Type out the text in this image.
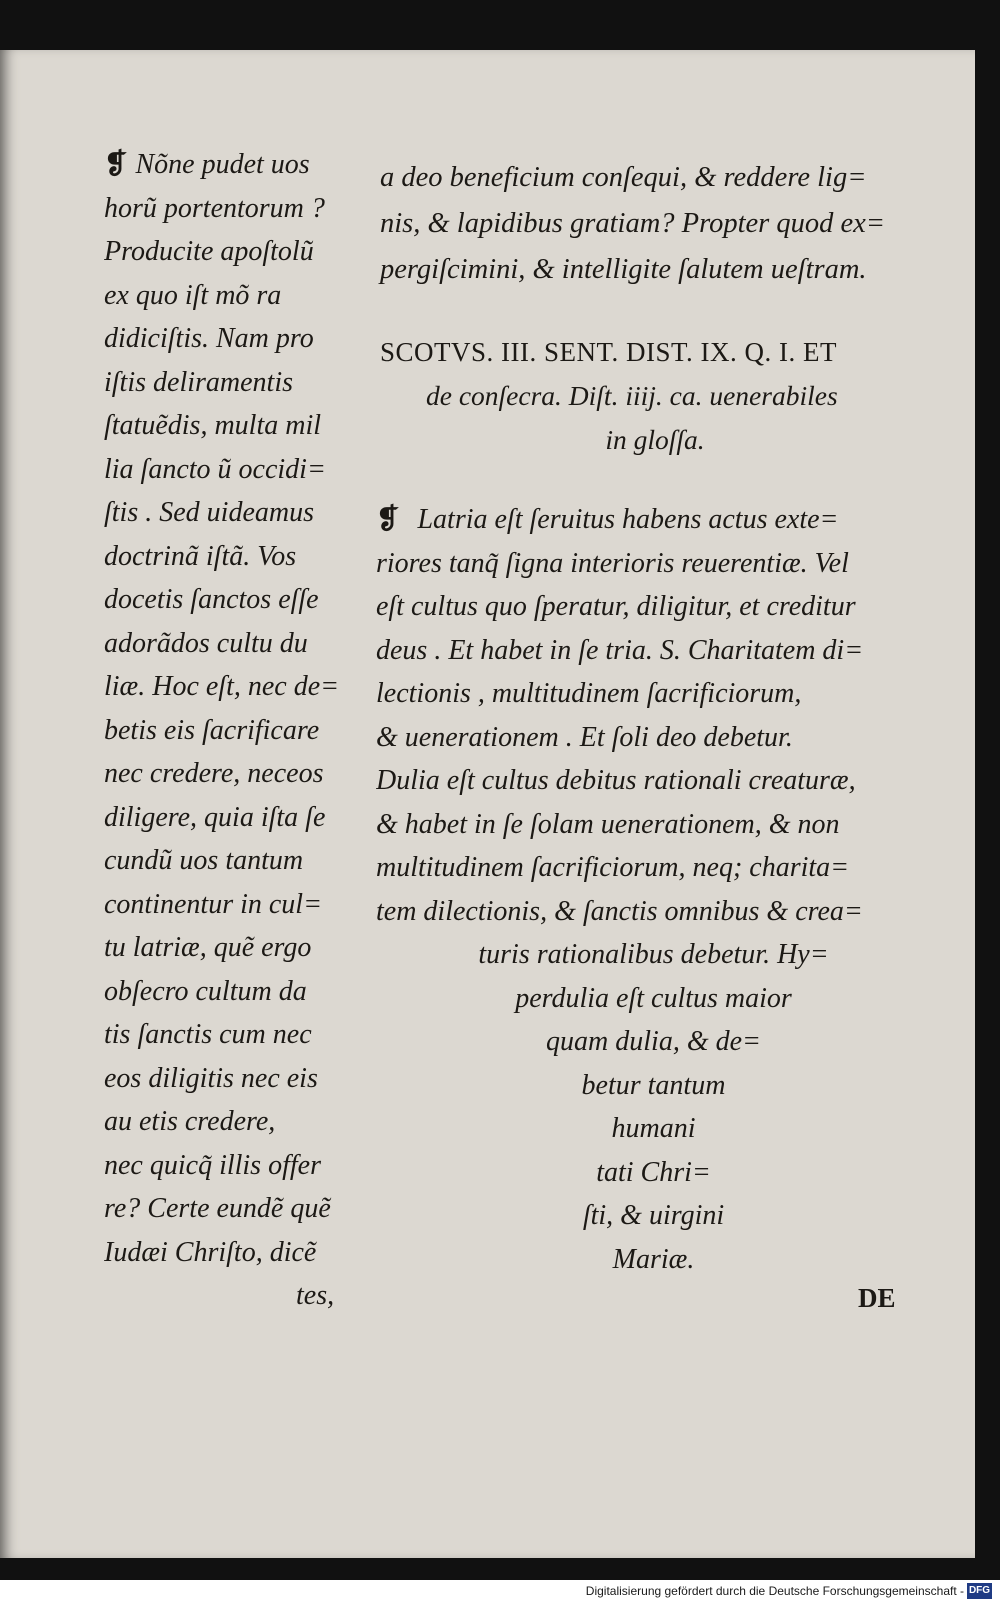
❡ Nõne pudet uos
horũ portentorum ?
Producite apoſtolũ
ex quo iſt mõ ra
didiciſtis. Nam pro
iſtis deliramentis
ſtatuẽdis, multa mil
lia ſancto ũ occidi=
ſtis . Sed uideamus
doctrinã iſtã. Vos
docetis ſanctos eſſe
adorãdos cultu du
liæ. Hoc eſt, nec de=
betis eis ſacrificare
nec credere, neceos
diligere, quia iſta ſe
cundũ uos tantum
continentur in cul=
tu latriæ, quẽ ergo
obſecro cultum da
tis ſanctis cum nec
eos diligitis nec eis
au etis credere,
nec quicq̃ illis offer
re? Certe eundẽ quẽ
Iudæi Chriſto, dicẽ
tes,
a deo beneficium conſequi, & reddere lig=
nis, & lapidibus gratiam? Propter quod ex=
pergiſcimini, & intelligite ſalutem ueſtram.
SCOTVS. III. SENT. DIST. IX. Q. I. ET
de conſecra. Diſt. iiij. ca. uenerabiles
in gloſſa.
❡ Latria eſt ſeruitus habens actus exte=
riores tanq̃ ſigna interioris reuerentiæ. Vel
eſt cultus quo ſperatur, diligitur, et creditur
deus . Et habet in ſe tria. S. Charitatem di=
lectionis , multitudinem ſacrificiorum,
& uenerationem . Et ſoli deo debetur.
Dulia eſt cultus debitus rationali creaturæ,
& habet in ſe ſolam uenerationem, & non
multitudinem ſacrificiorum, neq; charita=
tem dilectionis, & ſanctis omnibus & crea=
turis rationalibus debetur. Hy=
perdulia eſt cultus maior
quam dulia, & de=
betur tantum
humani
tati Chri=
ſti, & uirgini
Mariæ.
DE
Digitalisierung gefördert durch die Deutsche Forschungsgemeinschaft - DFG
